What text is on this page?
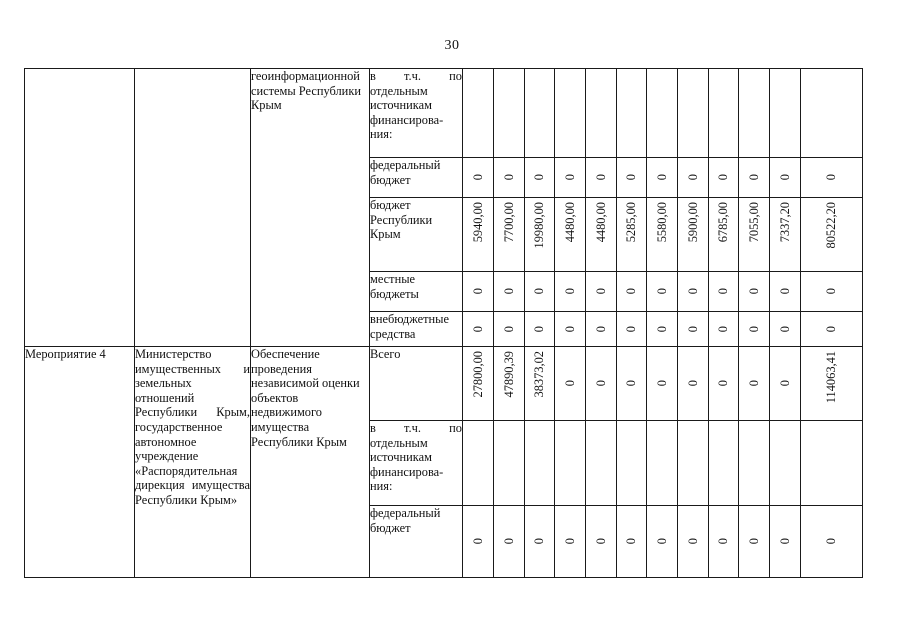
30
		геоинформационной системы Республики Крым	в т.ч. по
отдельным источникам финансирова-ния:												

			федеральный бюджет	0	0	0	0	0	0	0	0	0	0	0	0

			бюджет Республики Крым	5940,00	7700,00	19980,00	4480,00	4480,00	5285,00	5580,00	5900,00	6785,00	7055,00	7337,20	80522,20

			местные бюджеты	0	0	0	0	0	0	0	0	0	0	0	0

			внебюджетные средства	0	0	0	0	0	0	0	0	0	0	0	0

Мероприятие 4	Министерство имущественных и земельных отношений Республики Крым, государственное автономное учреждение «Распорядительная дирекция имущества Республики Крым»	Обеспечение проведения независимой оценки объектов недвижимого имущества Республики Крым	Всего	27800,00	47890,39	38373,02	0	0	0	0	0	0	0	0	114063,41

			в т.ч. по
отдельным источникам финансирова-ния:												

			федеральный бюджет	0	0	0	0	0	0	0	0	0	0	0	0
